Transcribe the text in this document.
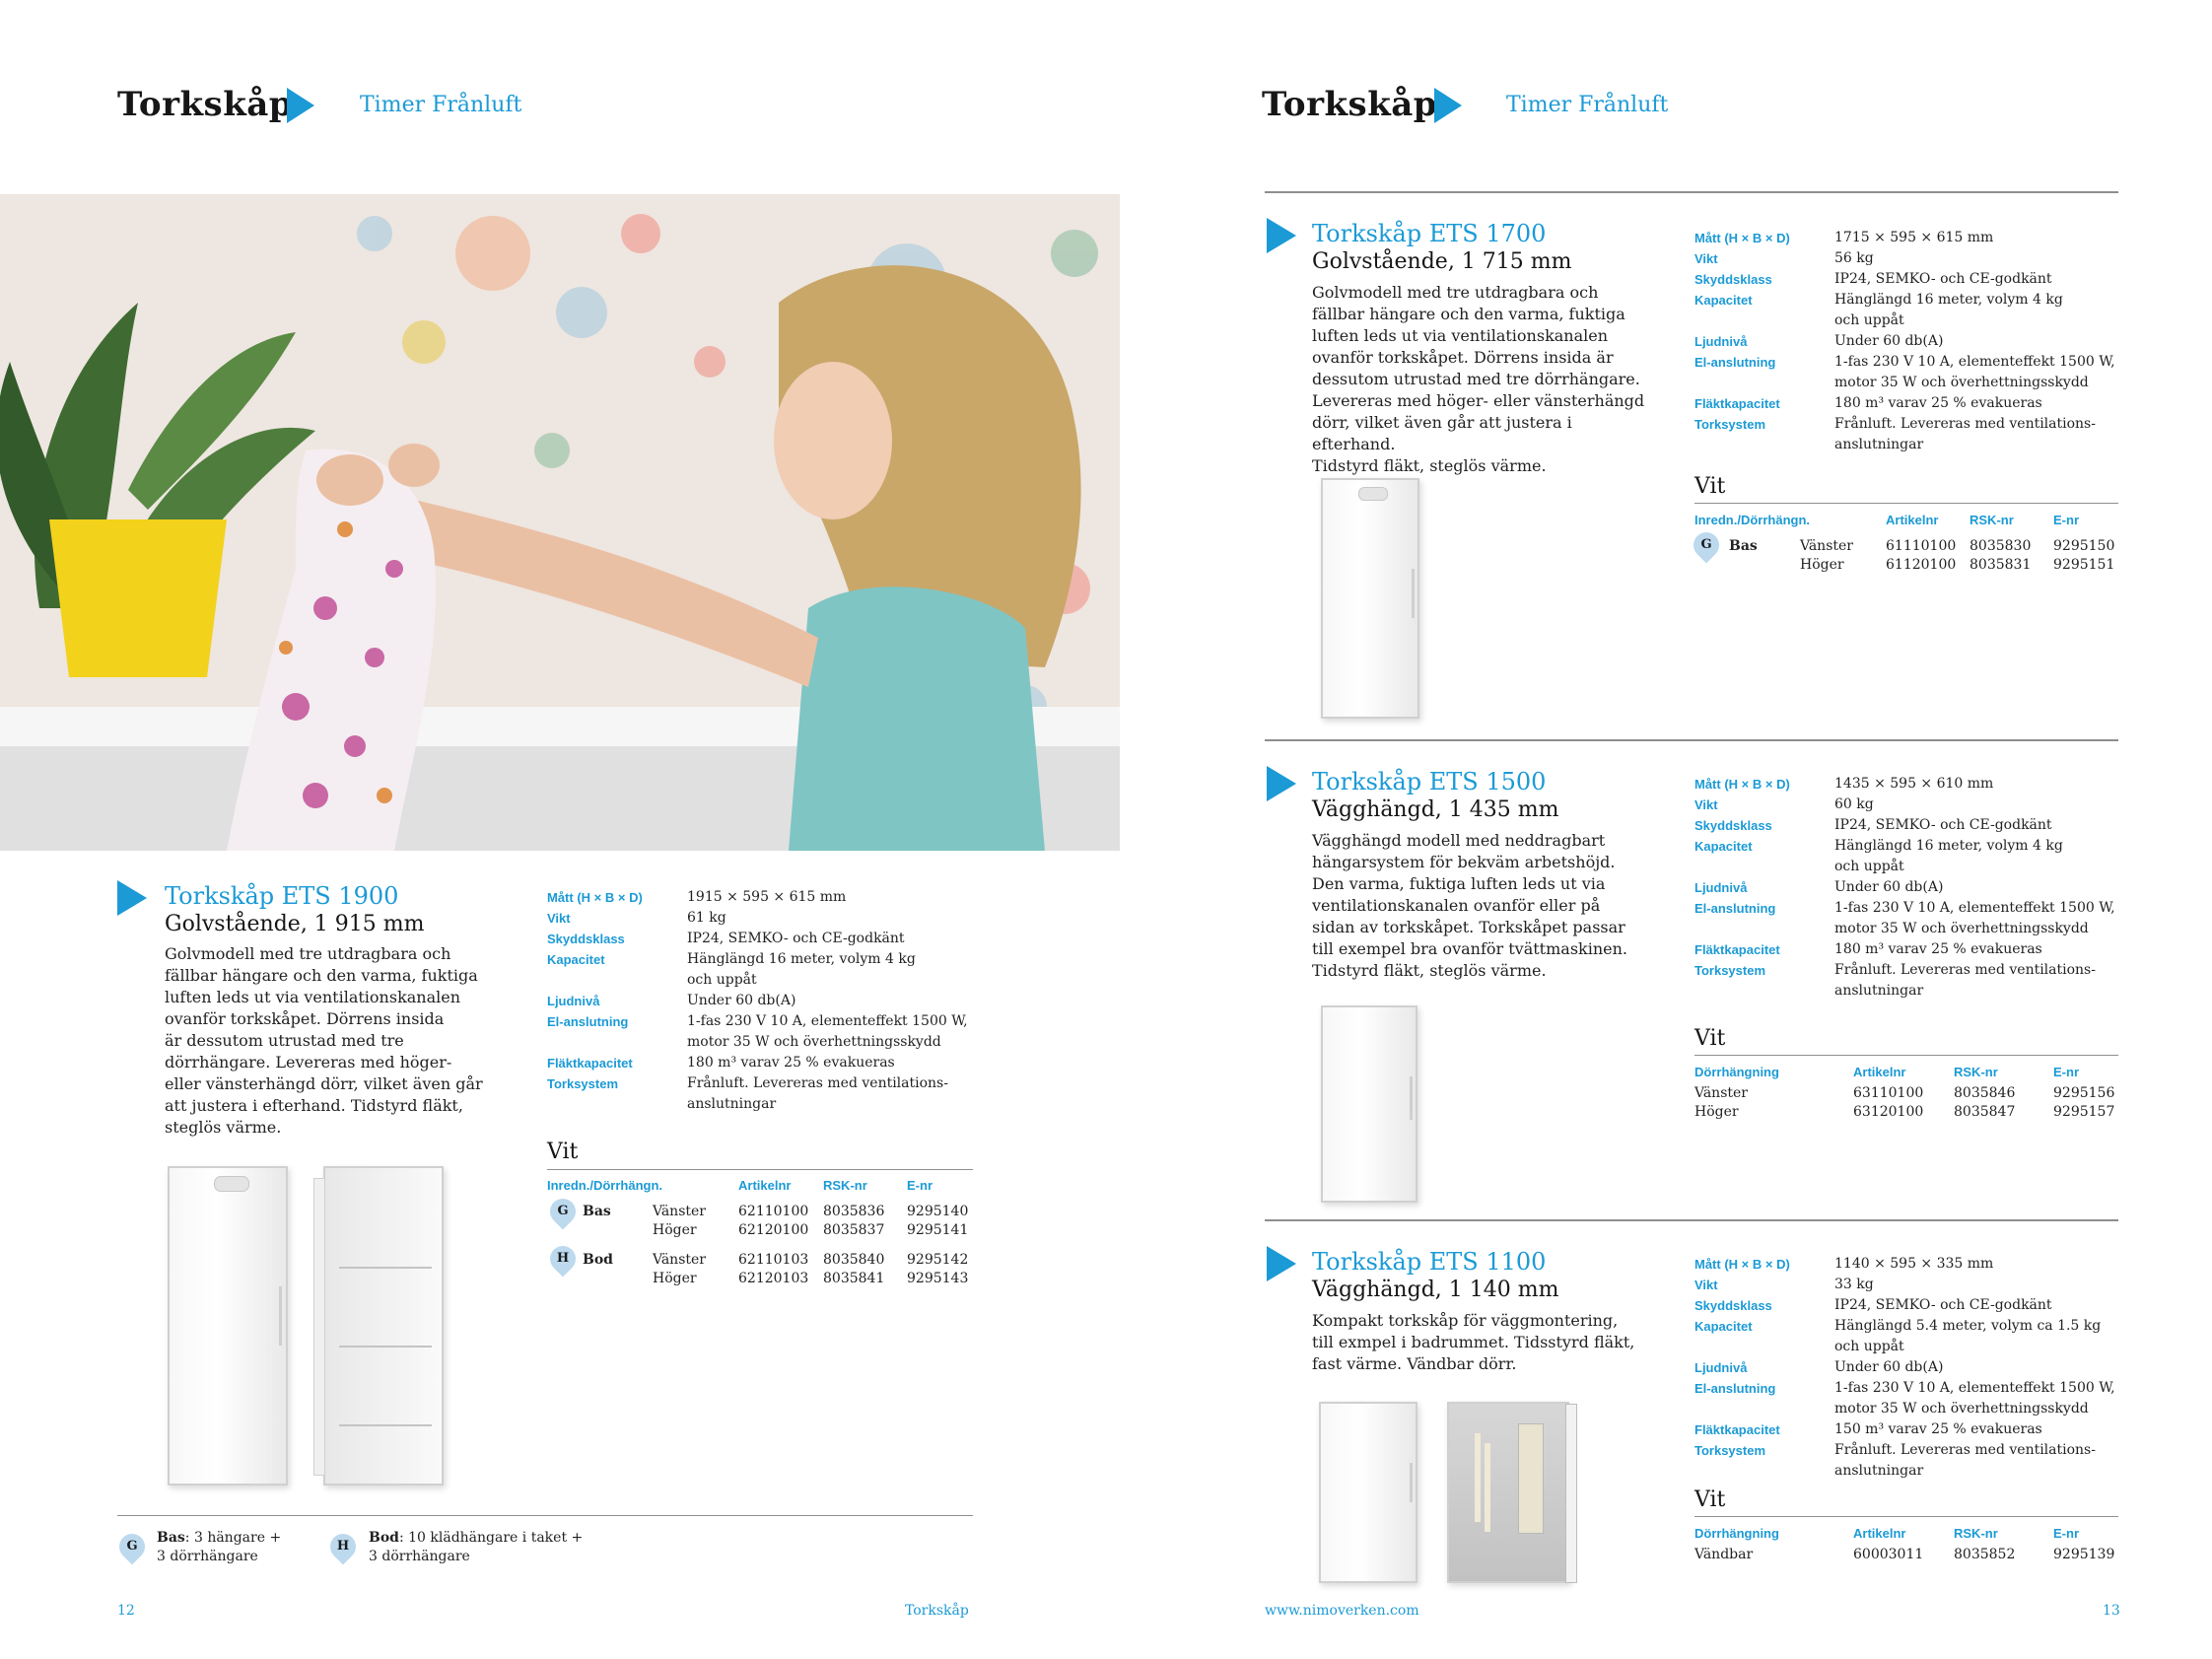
Torkskåp	Timer Frånluft
Torkskåp ETS 1900
Golvstående, 1 915 mm
Golvmodell med tre utdragbara och
fällbar hängare och den varma, fuktiga
luften leds ut via ventilationskanalen
ovanför torkskåpet. Dörrens insida
är dessutom utrustad med tre
dörrhängare. Levereras med höger-
eller vänsterhängd dörr, vilket även går
att justera i efterhand. Tidstyrd fläkt,
steglös värme.
Mått (H × B × D)	1915 × 595 × 615 mm
Vikt	61 kg
Skyddsklass	IP24, SEMKO- och CE-godkänt
Kapacitet	Hänglängd 16 meter, volym 4 kg
och uppåt
Ljudnivå	Under 60 db(A)
El-anslutning	1-fas 230 V 10 A, elementeffekt 1500 W,
motor 35 W och överhettningsskydd
Fläktkapacitet	180 m³ varav 25 % evakueras
Torksystem	Frånluft. Levereras med ventilations-
anslutningar
Vit
Inredn./Dörrhängn.	Artikelnr	RSK-nr	E-nr
G	Bas	Vänster 62110100 8035836 9295140
Höger	62120100 8035837 9295141
H Bod	Vänster 62110103 8035840 9295142
Höger	62120103 8035841 9295143
G
Bas: 3 hängare +
3 dörrhängare
H
Bod: 10 klädhängare i taket +
3 dörrhängare
12	Torkskåp
Torkskåp	Timer Frånluft
Torkskåp ETS 1700
Golvstående, 1 715 mm
Golvmodell med tre utdragbara och
fällbar hängare och den varma, fuktiga
luften leds ut via ventilationskanalen
ovanför torkskåpet. Dörrens insida är
dessutom utrustad med tre dörrhängare.
Levereras med höger- eller vänsterhängd
dörr, vilket även går att justera i efterhand.
Tidstyrd fläkt, steglös värme.
Mått (H × B × D)	1715 × 595 × 615 mm
Vikt	56 kg
Skyddsklass	IP24, SEMKO- och CE-godkänt
Kapacitet	Hänglängd 16 meter, volym 4 kg
och uppåt
Ljudnivå	Under 60 db(A)
El-anslutning	1-fas 230 V 10 A, elementeffekt 1500 W,
motor 35 W och överhettningsskydd
Fläktkapacitet	180 m³ varav 25 % evakueras
Torksystem	Frånluft. Levereras med ventilations-
anslutningar
Vit
Inredn./Dörrhängn.	Artikelnr RSK-nr	E-nr
G	Bas	Vänster 61110100 8035830 9295150
Höger	61120100 8035831 9295151
Torkskåp ETS 1500
Vägghängd, 1 435 mm
Vägghängd modell med neddragbart
hängarsystem för bekväm arbetshöjd.
Den varma, fuktiga luften leds ut via
ventilationskanalen ovanför eller på
sidan av torkskåpet. Torkskåpet passar
till exempel bra ovanför tvättmaskinen.
Tidstyrd fläkt, steglös värme.
Mått (H × B × D)	1435 × 595 × 610 mm
Vikt	60 kg
Skyddsklass	IP24, SEMKO- och CE-godkänt
Kapacitet	Hänglängd 16 meter, volym 4 kg
och uppåt
Ljudnivå	Under 60 db(A)
El-anslutning	1-fas 230 V 10 A, elementeffekt 1500 W,
motor 35 W och överhettningsskydd
Fläktkapacitet	180 m³ varav 25 % evakueras
Torksystem	Frånluft. Levereras med ventilations-
anslutningar
Vit
Dörrhängning	Artikelnr	RSK-nr	E-nr
Vänster	63110100 8035846	9295156
Höger	63120100 8035847	9295157
Torkskåp ETS 1100
Vägghängd, 1 140 mm
Kompakt torkskåp för väggmontering,
till exmpel i badrummet. Tidsstyrd fläkt,
fast värme. Vändbar dörr.
Mått (H × B × D)	1140 × 595 × 335 mm
Vikt	33 kg
Skyddsklass	IP24, SEMKO- och CE-godkänt
Kapacitet	Hänglängd 5.4 meter, volym ca 1.5 kg
och uppåt
Ljudnivå	Under 60 db(A)
El-anslutning	1-fas 230 V 10 A, elementeffekt 1500 W,
motor 35 W och överhettningsskydd
Fläktkapacitet	150 m³ varav 25 % evakueras
Torksystem	Frånluft. Levereras med ventilations-
anslutningar
Vit
Dörrhängning	Artikelnr	RSK-nr	E-nr
Vändbar	60003011 8035852	9295139
www.nimoverken.com	13
